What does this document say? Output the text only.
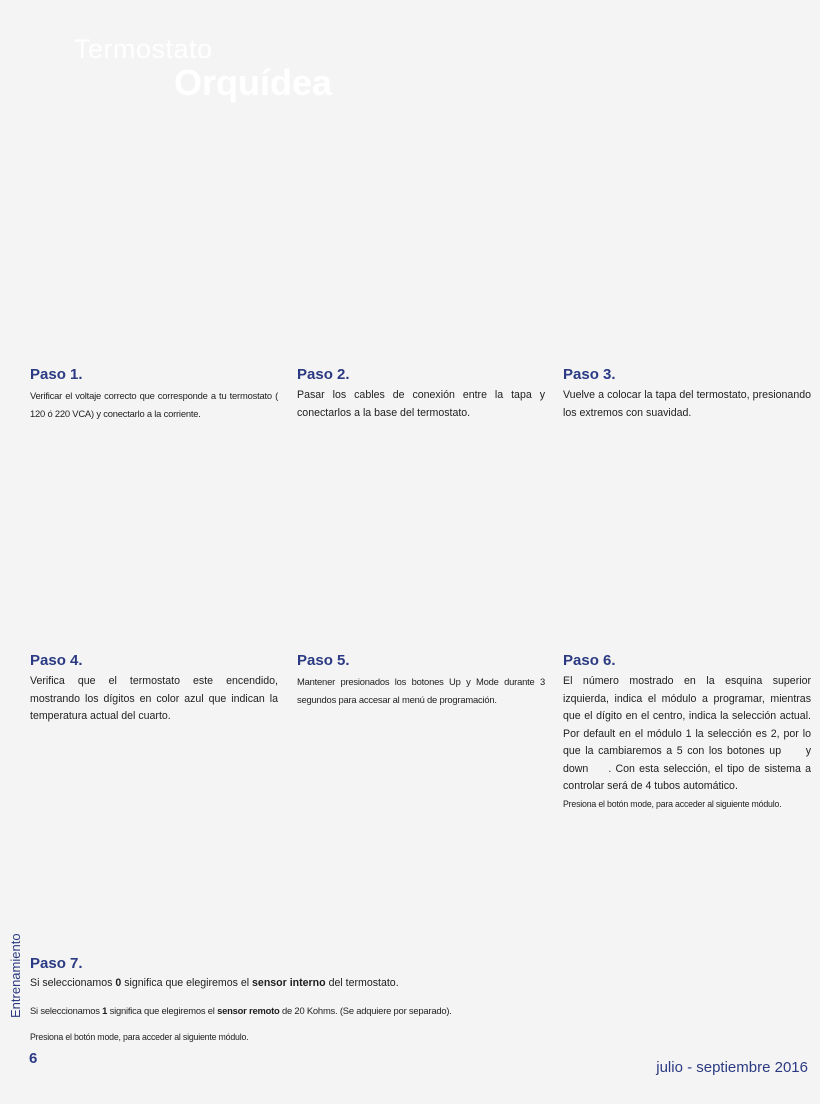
Termostato
Orquídea
Paso 1.

Verificar el voltaje correcto que corresponde a tu termostato ( 120 ó 220 VCA) y conectarlo a la corriente.

Paso 2.

Pasar los cables de conexión entre la tapa y conectarlos a la base del termostato.

Paso 3.

Vuelve a colocar la tapa del termostato, presionando los extremos con suavidad.

Paso 4.

Verifica que el termostato este encendido, mostrando los dígitos en color azul que indican la temperatura actual del cuarto.

Paso 5.

Mantener presionados los botones Up y Mode durante 3 segundos para accesar al menú de programación.

Paso 6.

El número mostrado en la esquina superior izquierda, indica el módulo a programar, mientras que el dígito en el centro, indica la selección actual. Por default en el módulo 1 la selección es 2, por lo que la cambiaremos a 5 con los botones up y down . Con esta selección, el tipo de sistema a controlar será de 4 tubos automático.

Presiona el botón mode, para acceder al siguiente módulo.

Paso 7.

Si seleccionamos 0 significa que elegiremos el sensor interno del termostato.

Si seleccionamos 1 significa que elegiremos el sensor remoto de 20 Kohms. (Se adquiere por separado).

Presiona el botón mode, para acceder al siguiente módulo.

Entrenamiento
6
julio - septiembre 2016
